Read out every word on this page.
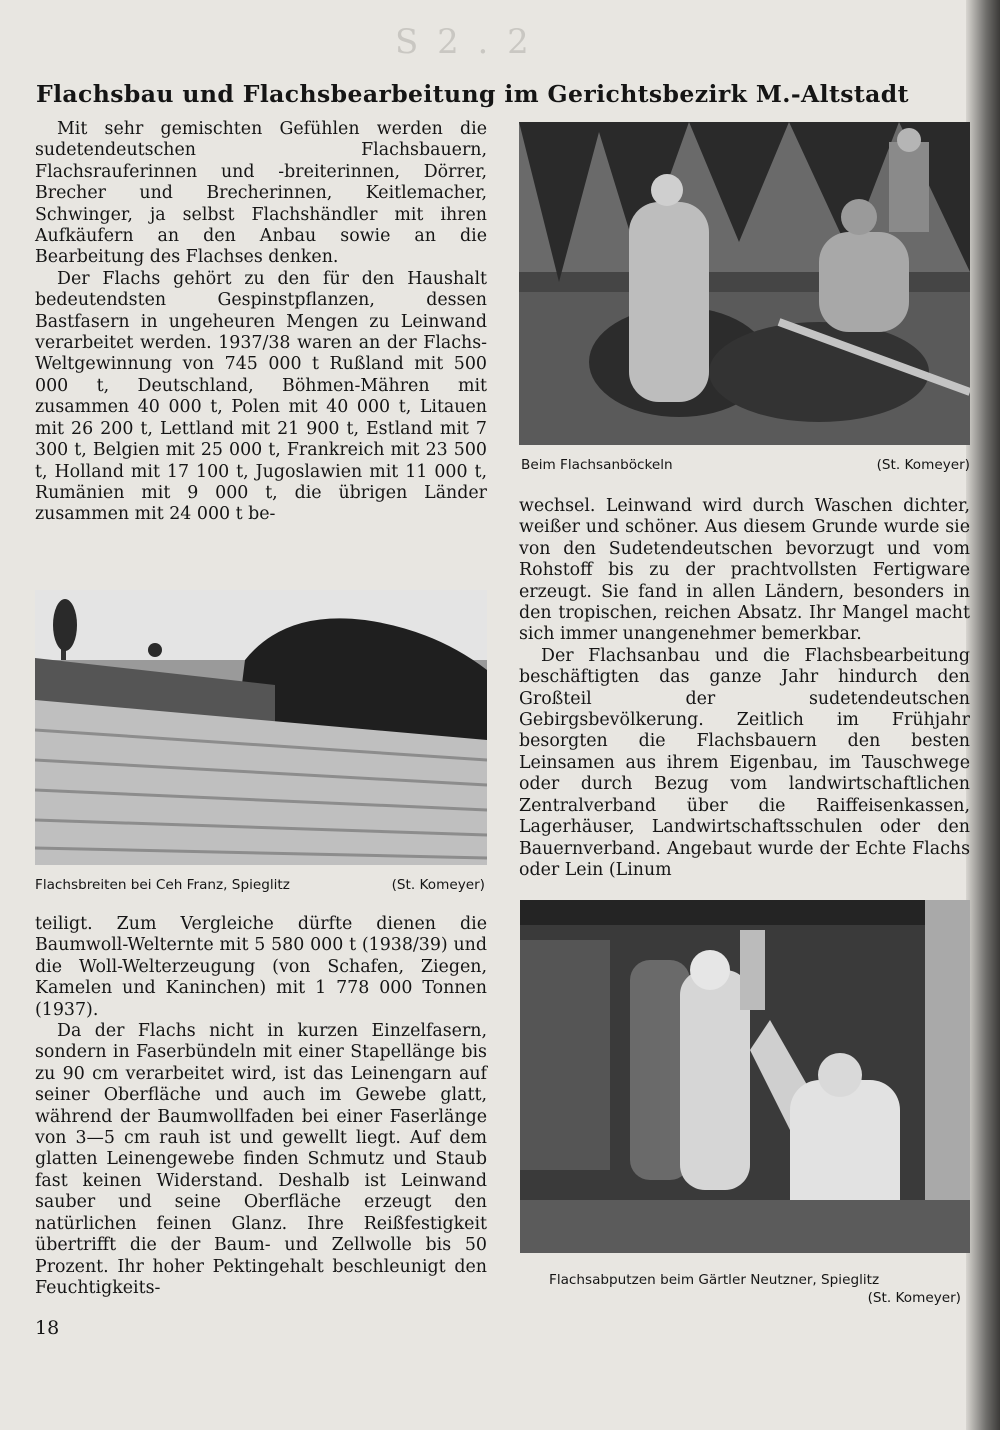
S 2 . 2
Flachsbau und Flachsbearbeitung im Gerichtsbezirk M.-Altstadt

Mit sehr gemischten Gefühlen werden die sudetendeutschen Flachsbauern, Flachsrauferinnen und -breiterinnen, Dörrer, Brecher und Brecherinnen, Keitlemacher, Schwinger, ja selbst Flachshändler mit ihren Aufkäufern an den Anbau sowie an die Bearbeitung des Flachses denken.

Der Flachs gehört zu den für den Haushalt bedeutendsten Gespinstpflanzen, dessen Bastfasern in ungeheuren Mengen zu Leinwand verarbeitet werden. 1937/38 waren an der Flachs-Weltgewinnung von 745 000 t Rußland mit 500 000 t, Deutschland, Böhmen-Mähren mit zusammen 40 000 t, Polen mit 40 000 t, Litauen mit 26 200 t, Lettland mit 21 900 t, Estland mit 7 300 t, Belgien mit 25 000 t, Frankreich mit 23 500 t, Holland mit 17 100 t, Jugoslawien mit 11 000 t, Rumänien mit 9 000 t, die übrigen Länder zusammen mit 24 000 t be-

Beim Flachsanböckeln	(St. Komeyer)
Flachsbreiten bei Ceh Franz, Spieglitz	(St. Komeyer)

wechsel. Leinwand wird durch Waschen dichter, weißer und schöner. Aus diesem Grunde wurde sie von den Sudetendeutschen bevorzugt und vom Rohstoff bis zu der prachtvollsten Fertigware erzeugt. Sie fand in allen Ländern, besonders in den tropischen, reichen Absatz. Ihr Mangel macht sich immer unangenehmer bemerkbar.

Der Flachsanbau und die Flachsbearbeitung beschäftigten das ganze Jahr hindurch den Großteil der sudetendeutschen Gebirgsbevölkerung. Zeitlich im Frühjahr besorgten die Flachsbauern den besten Leinsamen aus ihrem Eigenbau, im Tauschwege oder durch Bezug vom landwirtschaftlichen Zentralverband über die Raiffeisenkassen, Lagerhäuser, Landwirtschaftsschulen oder den Bauernverband. Angebaut wurde der Echte Flachs oder Lein (Linum

teiligt. Zum Vergleiche dürfte dienen die Baumwoll-Welternte mit 5 580 000 t (1938/39) und die Woll-Welterzeugung (von Schafen, Ziegen, Kamelen und Kaninchen) mit 1 778 000 Tonnen (1937).

Da der Flachs nicht in kurzen Einzelfasern, sondern in Faserbündeln mit einer Stapellänge bis zu 90 cm verarbeitet wird, ist das Leinengarn auf seiner Oberfläche und auch im Gewebe glatt, während der Baumwollfaden bei einer Faserlänge von 3—5 cm rauh ist und gewellt liegt. Auf dem glatten Leinengewebe finden Schmutz und Staub fast keinen Widerstand. Deshalb ist Leinwand sauber und seine Oberfläche erzeugt den natürlichen feinen Glanz. Ihre Reißfestigkeit übertrifft die der Baum- und Zellwolle bis 50 Prozent. Ihr hoher Pektingehalt beschleunigt den Feuchtigkeits-	Flachsabputzen beim Gärtler Neutzner, Spieglitz
(St. Komeyer)
18
